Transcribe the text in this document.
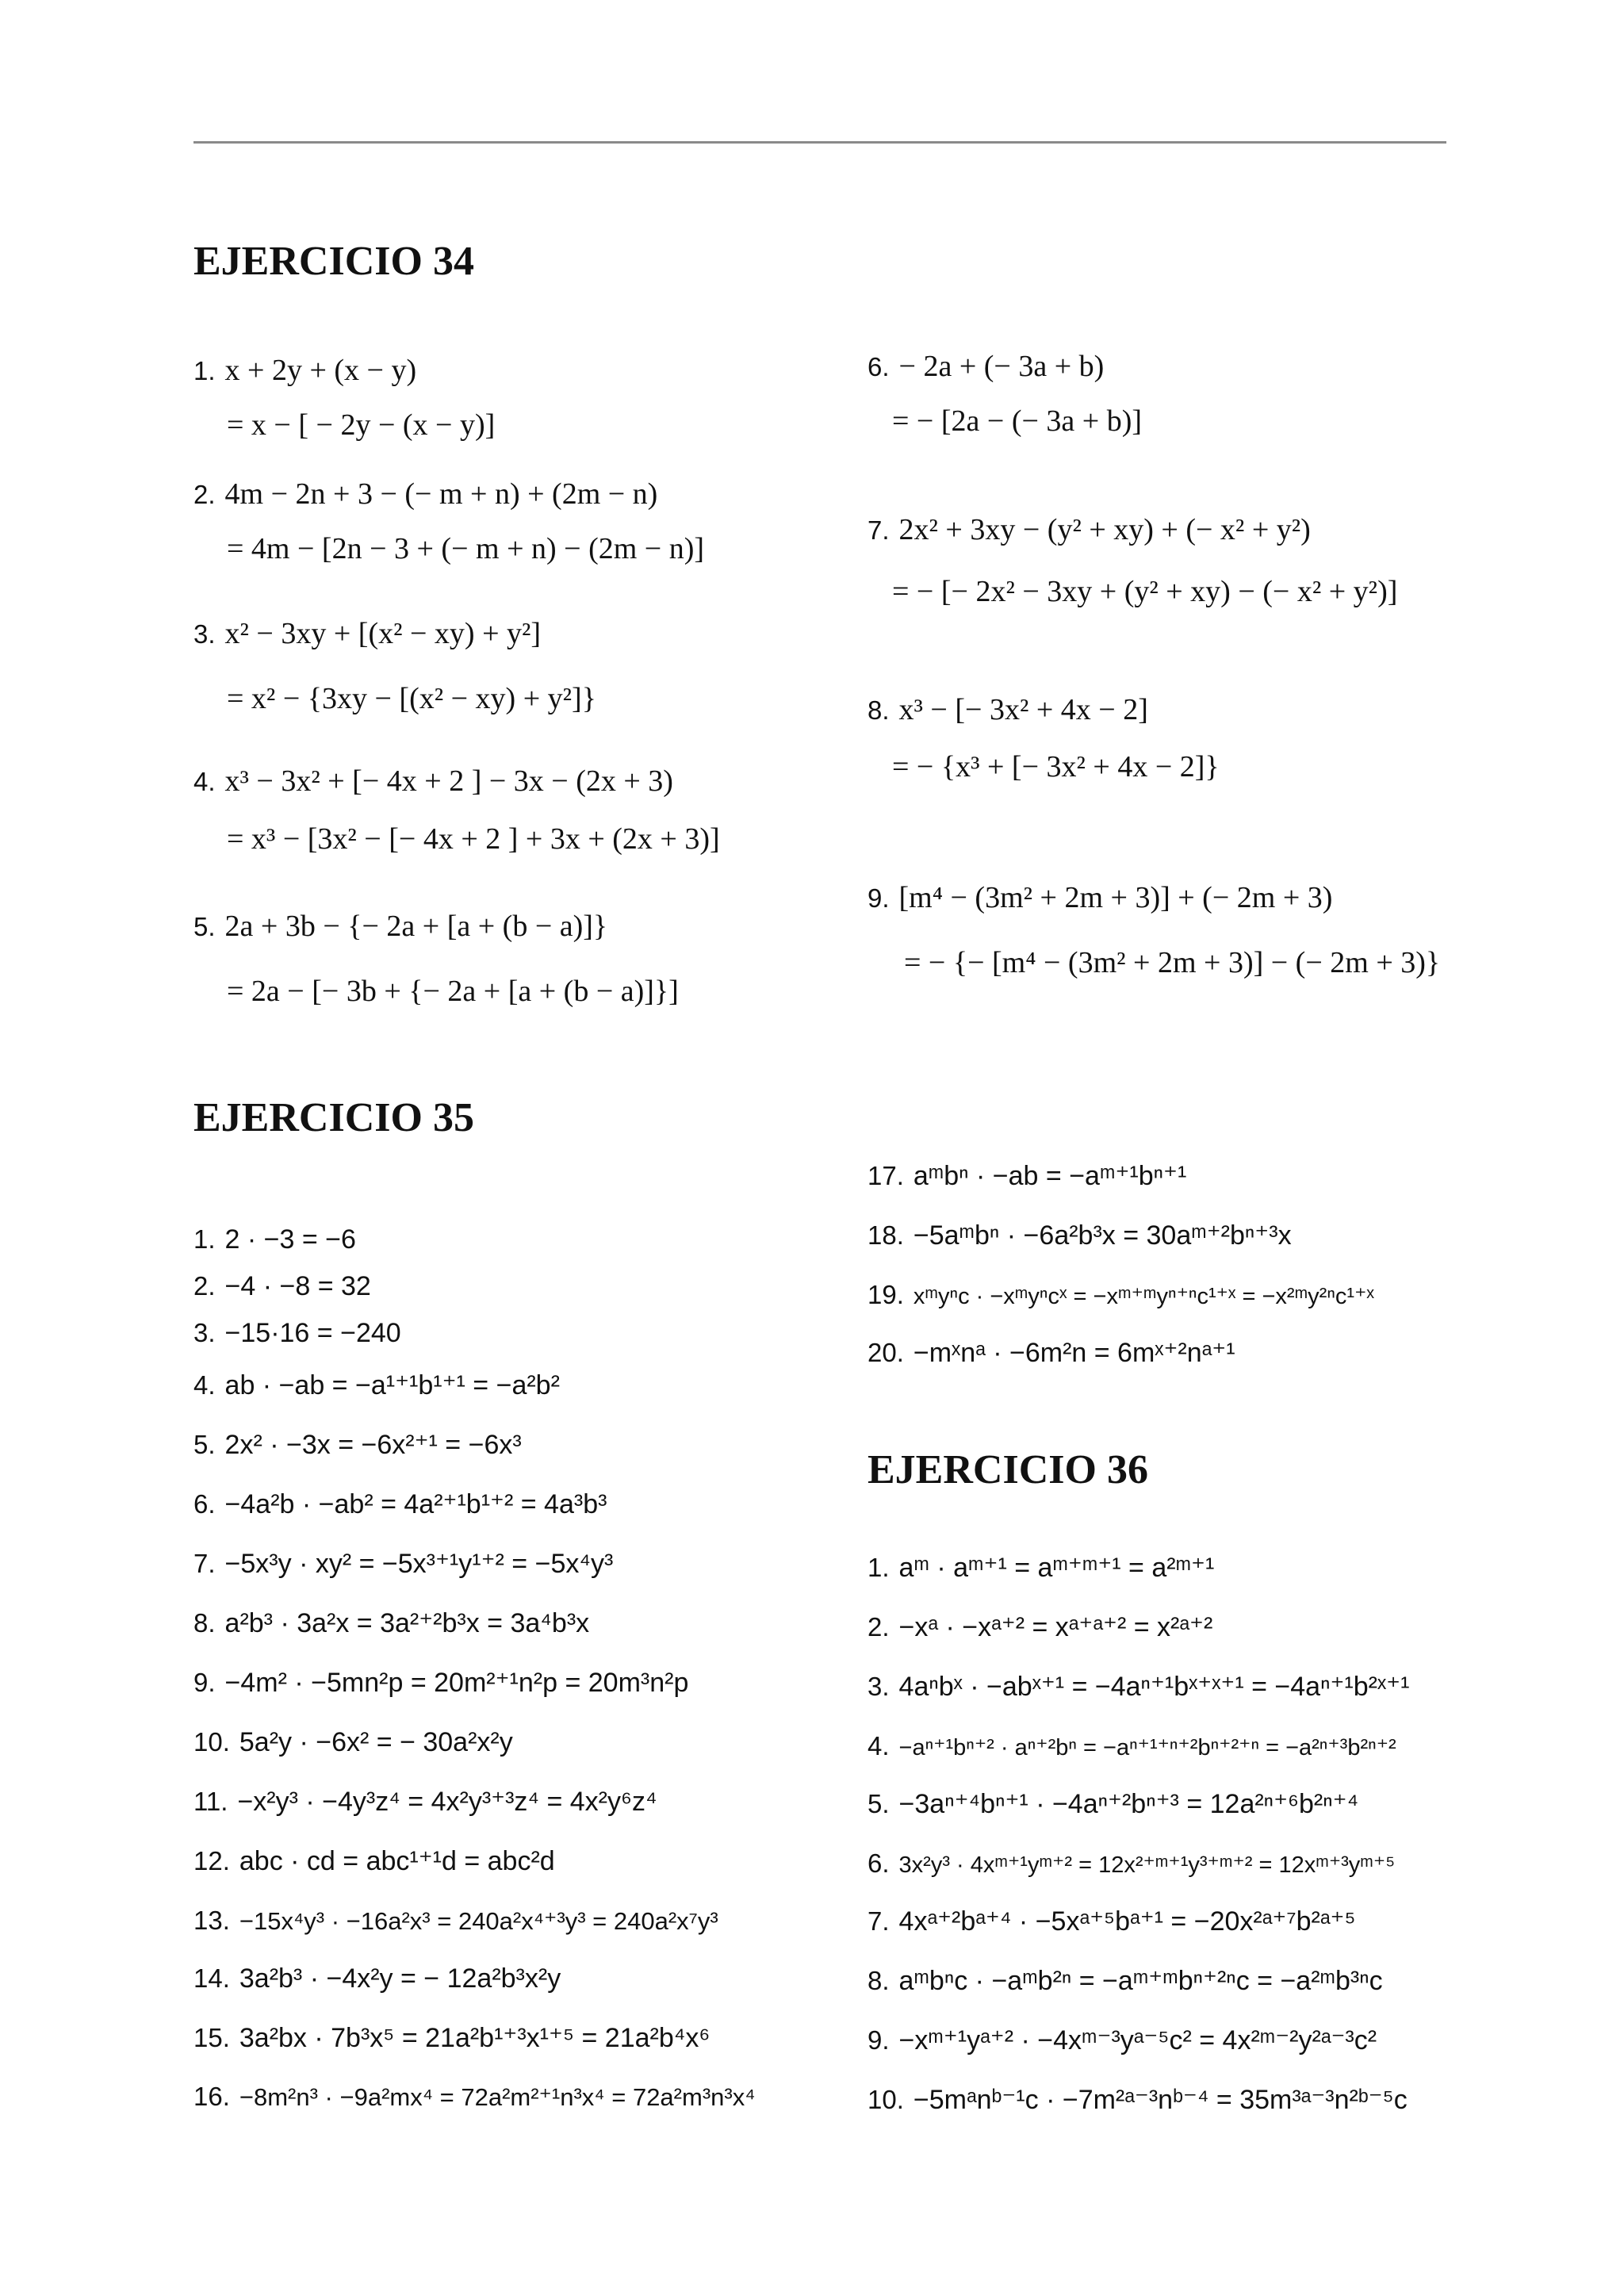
EJERCICIO 34
1. x + 2y + (x − y)
= x − [ − 2y − (x − y)]
2. 4m − 2n + 3 − (− m + n) + (2m − n)
= 4m − [2n − 3 + (− m + n) − (2m − n)]
3. x² − 3xy + [(x² − xy) + y²]
= x² − {3xy − [(x² − xy) + y²]}
4. x³ − 3x² + [− 4x + 2 ] − 3x − (2x + 3)
= x³ − [3x² − [− 4x + 2 ] + 3x + (2x + 3)]
5. 2a + 3b − {− 2a + [a + (b − a)]}
= 2a − [− 3b + {− 2a + [a + (b − a)]}]
6. − 2a + (− 3a + b)
= − [2a − (− 3a + b)]
7. 2x² + 3xy − (y² + xy) + (− x² + y²)
= − [− 2x² − 3xy + (y² + xy) − (− x² + y²)]
8. x³ − [− 3x² + 4x − 2]
= − {x³ + [− 3x² + 4x − 2]}
9. [m⁴ − (3m² + 2m + 3)] + (− 2m + 3)
= − {− [m⁴ − (3m² + 2m + 3)] − (− 2m + 3)}
EJERCICIO 35
1. 2 · −3 = −6
2. −4 · −8 = 32
3. −15·16 = −240
4. ab · −ab = −a¹⁺¹b¹⁺¹ = −a²b²
5. 2x² · −3x = −6x²⁺¹ = −6x³
6. −4a²b · −ab² = 4a²⁺¹b¹⁺² = 4a³b³
7. −5x³y · xy² = −5x³⁺¹y¹⁺² = −5x⁴y³
8. a²b³ · 3a²x = 3a²⁺²b³x = 3a⁴b³x
9. −4m² · −5mn²p = 20m²⁺¹n²p = 20m³n²p
10. 5a²y · −6x² = − 30a²x²y
11. −x²y³ · −4y³z⁴ = 4x²y³⁺³z⁴ = 4x²y⁶z⁴
12. abc · cd = abc¹⁺¹d = abc²d
13. −15x⁴y³ · −16a²x³ = 240a²x⁴⁺³y³ = 240a²x⁷y³
14. 3a²b³ · −4x²y = − 12a²b³x²y
15. 3a²bx · 7b³x⁵ = 21a²b¹⁺³x¹⁺⁵ = 21a²b⁴x⁶
16. −8m²n³ · −9a²mx⁴ = 72a²m²⁺¹n³x⁴ = 72a²m³n³x⁴
17. aᵐbⁿ · −ab = −aᵐ⁺¹bⁿ⁺¹
18. −5aᵐbⁿ · −6a²b³x = 30aᵐ⁺²bⁿ⁺³x
19. xᵐyⁿc · −xᵐyⁿcˣ = −xᵐ⁺ᵐyⁿ⁺ⁿc¹⁺ˣ = −x²ᵐy²ⁿc¹⁺ˣ
20. −mˣnᵃ · −6m²n = 6mˣ⁺²nᵃ⁺¹
EJERCICIO 36
1. aᵐ · aᵐ⁺¹ = aᵐ⁺ᵐ⁺¹ = a²ᵐ⁺¹
2. −xᵃ · −xᵃ⁺² = xᵃ⁺ᵃ⁺² = x²ᵃ⁺²
3. 4aⁿbˣ · −abˣ⁺¹ = −4aⁿ⁺¹bˣ⁺ˣ⁺¹ = −4aⁿ⁺¹b²ˣ⁺¹
4. −aⁿ⁺¹bⁿ⁺² · aⁿ⁺²bⁿ = −aⁿ⁺¹⁺ⁿ⁺²bⁿ⁺²⁺ⁿ = −a²ⁿ⁺³b²ⁿ⁺²
5. −3aⁿ⁺⁴bⁿ⁺¹ · −4aⁿ⁺²bⁿ⁺³ = 12a²ⁿ⁺⁶b²ⁿ⁺⁴
6. 3x²y³ · 4xᵐ⁺¹yᵐ⁺² = 12x²⁺ᵐ⁺¹y³⁺ᵐ⁺² = 12xᵐ⁺³yᵐ⁺⁵
7. 4xᵃ⁺²bᵃ⁺⁴ · −5xᵃ⁺⁵bᵃ⁺¹ = −20x²ᵃ⁺⁷b²ᵃ⁺⁵
8. aᵐbⁿc · −aᵐb²ⁿ = −aᵐ⁺ᵐbⁿ⁺²ⁿc = −a²ᵐb³ⁿc
9. −xᵐ⁺¹yᵃ⁺² · −4xᵐ⁻³yᵃ⁻⁵c² = 4x²ᵐ⁻²y²ᵃ⁻³c²
10. −5mᵃnᵇ⁻¹c · −7m²ᵃ⁻³nᵇ⁻⁴ = 35m³ᵃ⁻³n²ᵇ⁻⁵c
